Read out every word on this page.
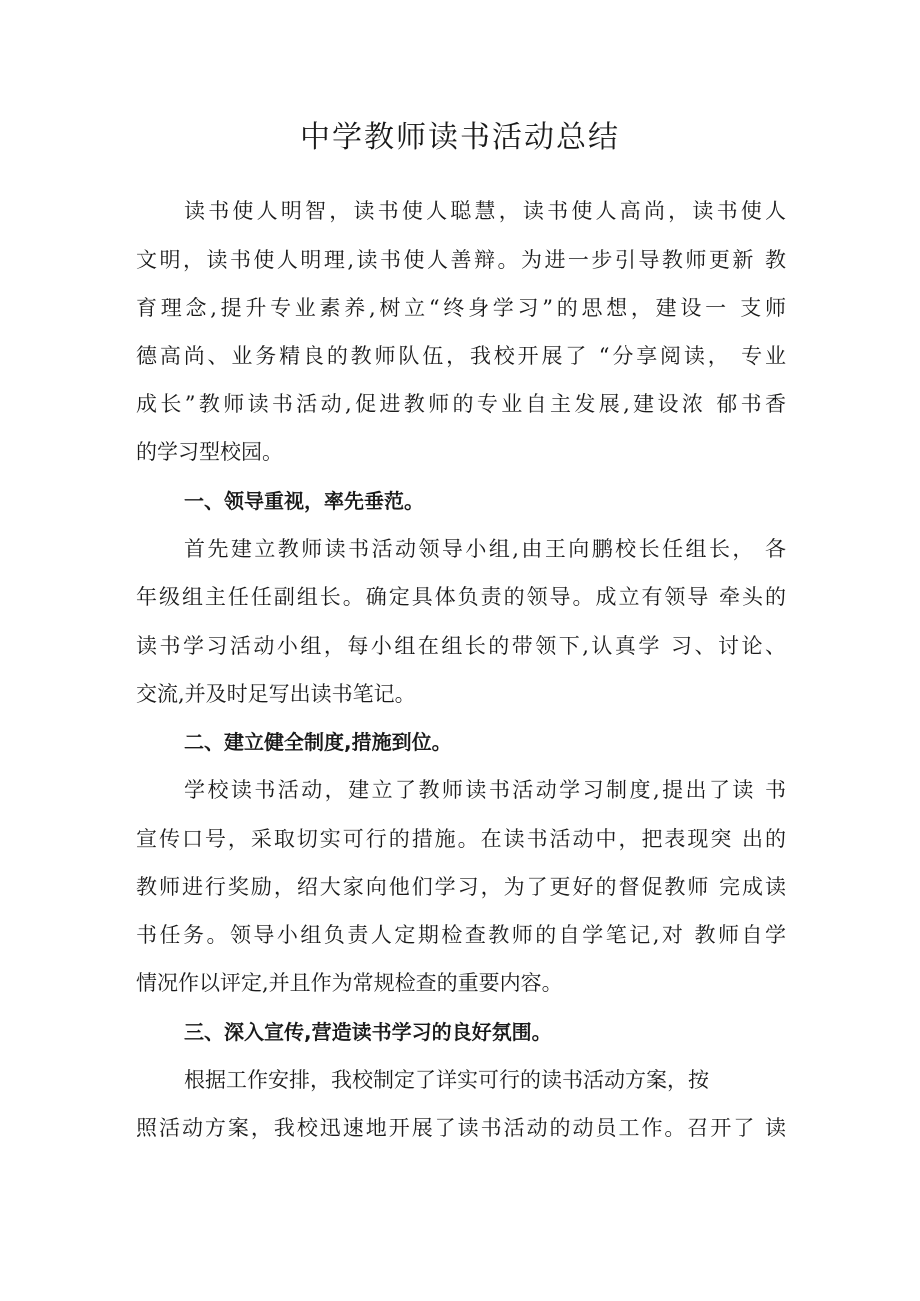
中学教师读书活动总结

读书使人明智，读书使人聪慧，读书使人高尚，读书使人

文明，读书使人明理,读书使人善辩。为进一步引导教师更新 教

育理念,提升专业素养,树立“终身学习”的思想，建设一 支师

德高尚、业务精良的教师队伍，我校开展了 “分享阅读， 专业

成长”教师读书活动,促进教师的专业自主发展,建设浓 郁书香

的学习型校园。

一、领导重视，率先垂范。

首先建立教师读书活动领导小组,由王向鹏校长任组长， 各

年级组主任任副组长。确定具体负责的领导。成立有领导 牵头的

读书学习活动小组，每小组在组长的带领下,认真学 习、讨论、

交流,并及时足写出读书笔记。

二、建立健全制度,措施到位。

学校读书活动，建立了教师读书活动学习制度,提出了读 书

宣传口号，采取切实可行的措施。在读书活动中，把表现突 出的

教师进行奖励，绍大家向他们学习，为了更好的督促教师 完成读

书任务。领导小组负责人定期检查教师的自学笔记,对 教师自学

情况作以评定,并且作为常规检查的重要内容。

三、深入宣传,营造读书学习的良好氛围。

根据工作安排，我校制定了详实可行的读书活动方案，按

照活动方案，我校迅速地开展了读书活动的动员工作。召开了 读
